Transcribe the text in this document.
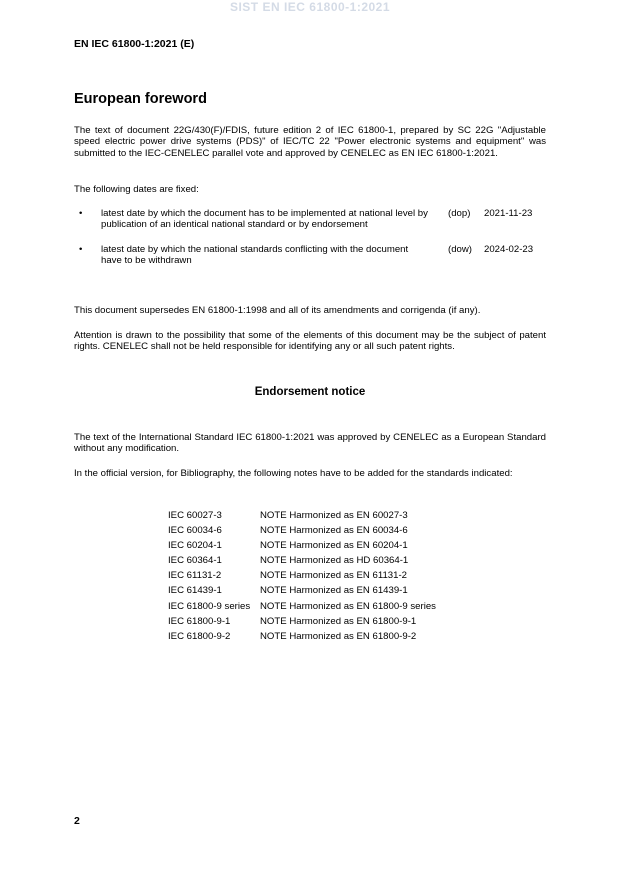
SIST EN IEC 61800-1:2021
EN IEC 61800-1:2021 (E)
European foreword
The text of document 22G/430(F)/FDIS, future edition 2 of IEC 61800-1, prepared by SC 22G "Adjustable speed electric power drive systems (PDS)" of IEC/TC 22 "Power electronic systems and equipment" was submitted to the IEC-CENELEC parallel vote and approved by CENELEC as EN IEC 61800-1:2021.
The following dates are fixed:
• latest date by which the document has to be implemented at national level by publication of an identical national standard or by endorsement
(dop) 2021-11-23
• latest date by which the national standards conflicting with the document have to be withdrawn
(dow) 2024-02-23
This document supersedes EN 61800-1:1998 and all of its amendments and corrigenda (if any).
Attention is drawn to the possibility that some of the elements of this document may be the subject of patent rights. CENELEC shall not be held responsible for identifying any or all such patent rights.
Endorsement notice
The text of the International Standard IEC 61800-1:2021 was approved by CENELEC as a European Standard without any modification.
In the official version, for Bibliography, the following notes have to be added for the standards indicated:
IEC 60027-3	NOTE Harmonized as EN 60027-3
IEC 60034-6	NOTE Harmonized as EN 60034-6
IEC 60204-1	NOTE Harmonized as EN 60204-1
IEC 60364-1	NOTE Harmonized as HD 60364-1
IEC 61131-2	NOTE Harmonized as EN 61131-2
IEC 61439-1	NOTE Harmonized as EN 61439-1
IEC 61800-9 series NOTE Harmonized as EN 61800-9 series
IEC 61800-9-1	NOTE Harmonized as EN 61800-9-1
IEC 61800-9-2	NOTE Harmonized as EN 61800-9-2
2
